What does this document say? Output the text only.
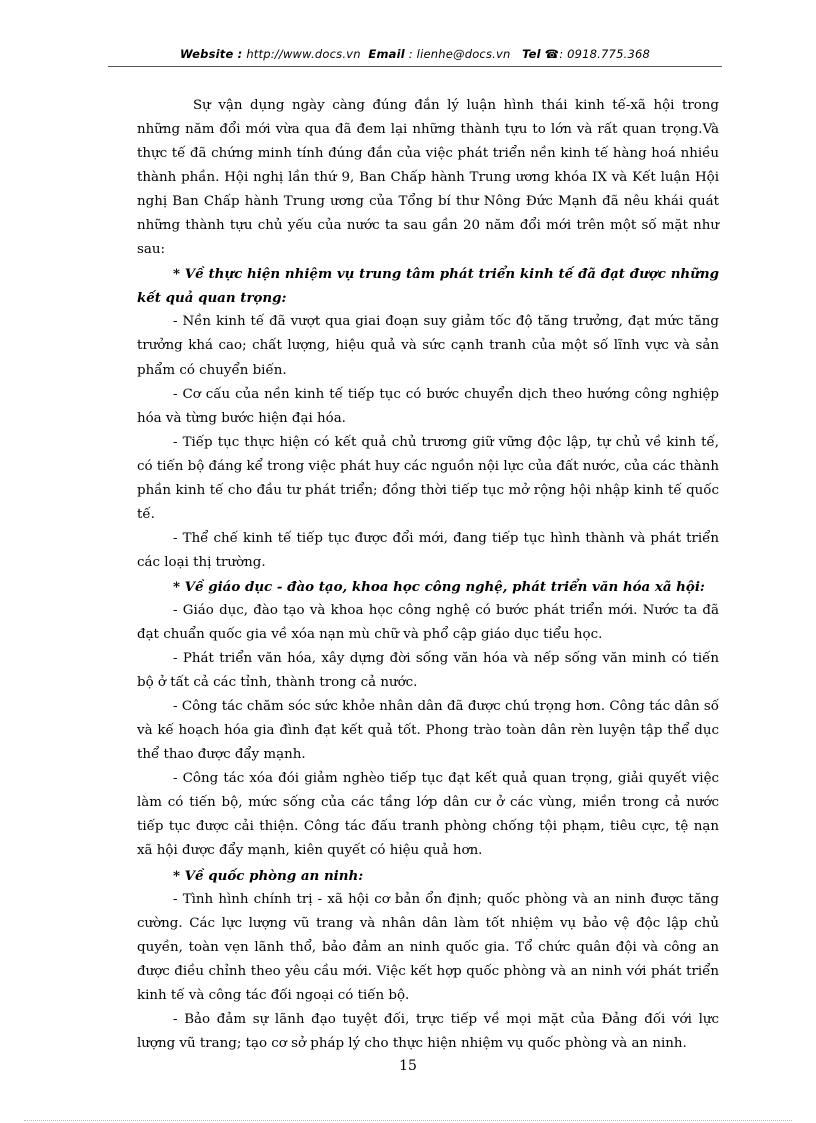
Website : http://www.docs.vn Email : lienhe@docs.vn Tel ☎: 0918.775.368

Sự vận dụng ngày càng đúng đắn lý luận hình thái kinh tế-xã hội trong những năm đổi mới vừa qua đã đem lại những thành tựu to lớn và rất quan trọng.Và thực tế đã chứng minh tính đúng đắn của việc phát triển nền kinh tế hàng hoá nhiều thành phần. Hội nghị lần thứ 9, Ban Chấp hành Trung ương khóa IX và Kết luận Hội nghị Ban Chấp hành Trung ương của Tổng bí thư Nông Đức Mạnh đã nêu khái quát những thành tựu chủ yếu của nước ta sau gần 20 năm đổi mới trên một số mặt như sau:

* Về thực hiện nhiệm vụ trung tâm phát triển kinh tế đã đạt được những kết quả quan trọng:

- Nền kinh tế đã vượt qua giai đoạn suy giảm tốc độ tăng trưởng, đạt mức tăng trưởng khá cao; chất lượng, hiệu quả và sức cạnh tranh của một số lĩnh vực và sản phẩm có chuyển biến.

- Cơ cấu của nền kinh tế tiếp tục có bước chuyển dịch theo hướng công nghiệp hóa và từng bước hiện đại hóa.

- Tiếp tục thực hiện có kết quả chủ trương giữ vững độc lập, tự chủ về kinh tế, có tiến bộ đáng kể trong việc phát huy các nguồn nội lực của đất nước, của các thành phần kinh tế cho đầu tư phát triển; đồng thời tiếp tục mở rộng hội nhập kinh tế quốc tế.

- Thể chế kinh tế tiếp tục được đổi mới, đang tiếp tục hình thành và phát triển các loại thị trường.

* Về giáo dục - đào tạo, khoa học công nghệ, phát triển văn hóa xã hội:

- Giáo dục, đào tạo và khoa học công nghệ có bước phát triển mới. Nước ta đã đạt chuẩn quốc gia về xóa nạn mù chữ và phổ cập giáo dục tiểu học.

- Phát triển văn hóa, xây dựng đời sống văn hóa và nếp sống văn minh có tiến bộ ở tất cả các tỉnh, thành trong cả nước.

- Công tác chăm sóc sức khỏe nhân dân đã được chú trọng hơn. Công tác dân số và kế hoạch hóa gia đình đạt kết quả tốt. Phong trào toàn dân rèn luyện tập thể dục thể thao được đẩy mạnh.

- Công tác xóa đói giảm nghèo tiếp tục đạt kết quả quan trọng, giải quyết việc làm có tiến bộ, mức sống của các tầng lớp dân cư ở các vùng, miền trong cả nước tiếp tục được cải thiện. Công tác đấu tranh phòng chống tội phạm, tiêu cực, tệ nạn xã hội được đẩy mạnh, kiên quyết có hiệu quả hơn.

* Về quốc phòng an ninh:

- Tình hình chính trị - xã hội cơ bản ổn định; quốc phòng và an ninh được tăng cường. Các lực lượng vũ trang và nhân dân làm tốt nhiệm vụ bảo vệ độc lập chủ quyền, toàn vẹn lãnh thổ, bảo đảm an ninh quốc gia. Tổ chức quân đội và công an được điều chỉnh theo yêu cầu mới. Việc kết hợp quốc phòng và an ninh với phát triển kinh tế và công tác đối ngoại có tiến bộ.

- Bảo đảm sự lãnh đạo tuyệt đối, trực tiếp về mọi mặt của Đảng đối với lực lượng vũ trang; tạo cơ sở pháp lý cho thực hiện nhiệm vụ quốc phòng và an ninh.

15
